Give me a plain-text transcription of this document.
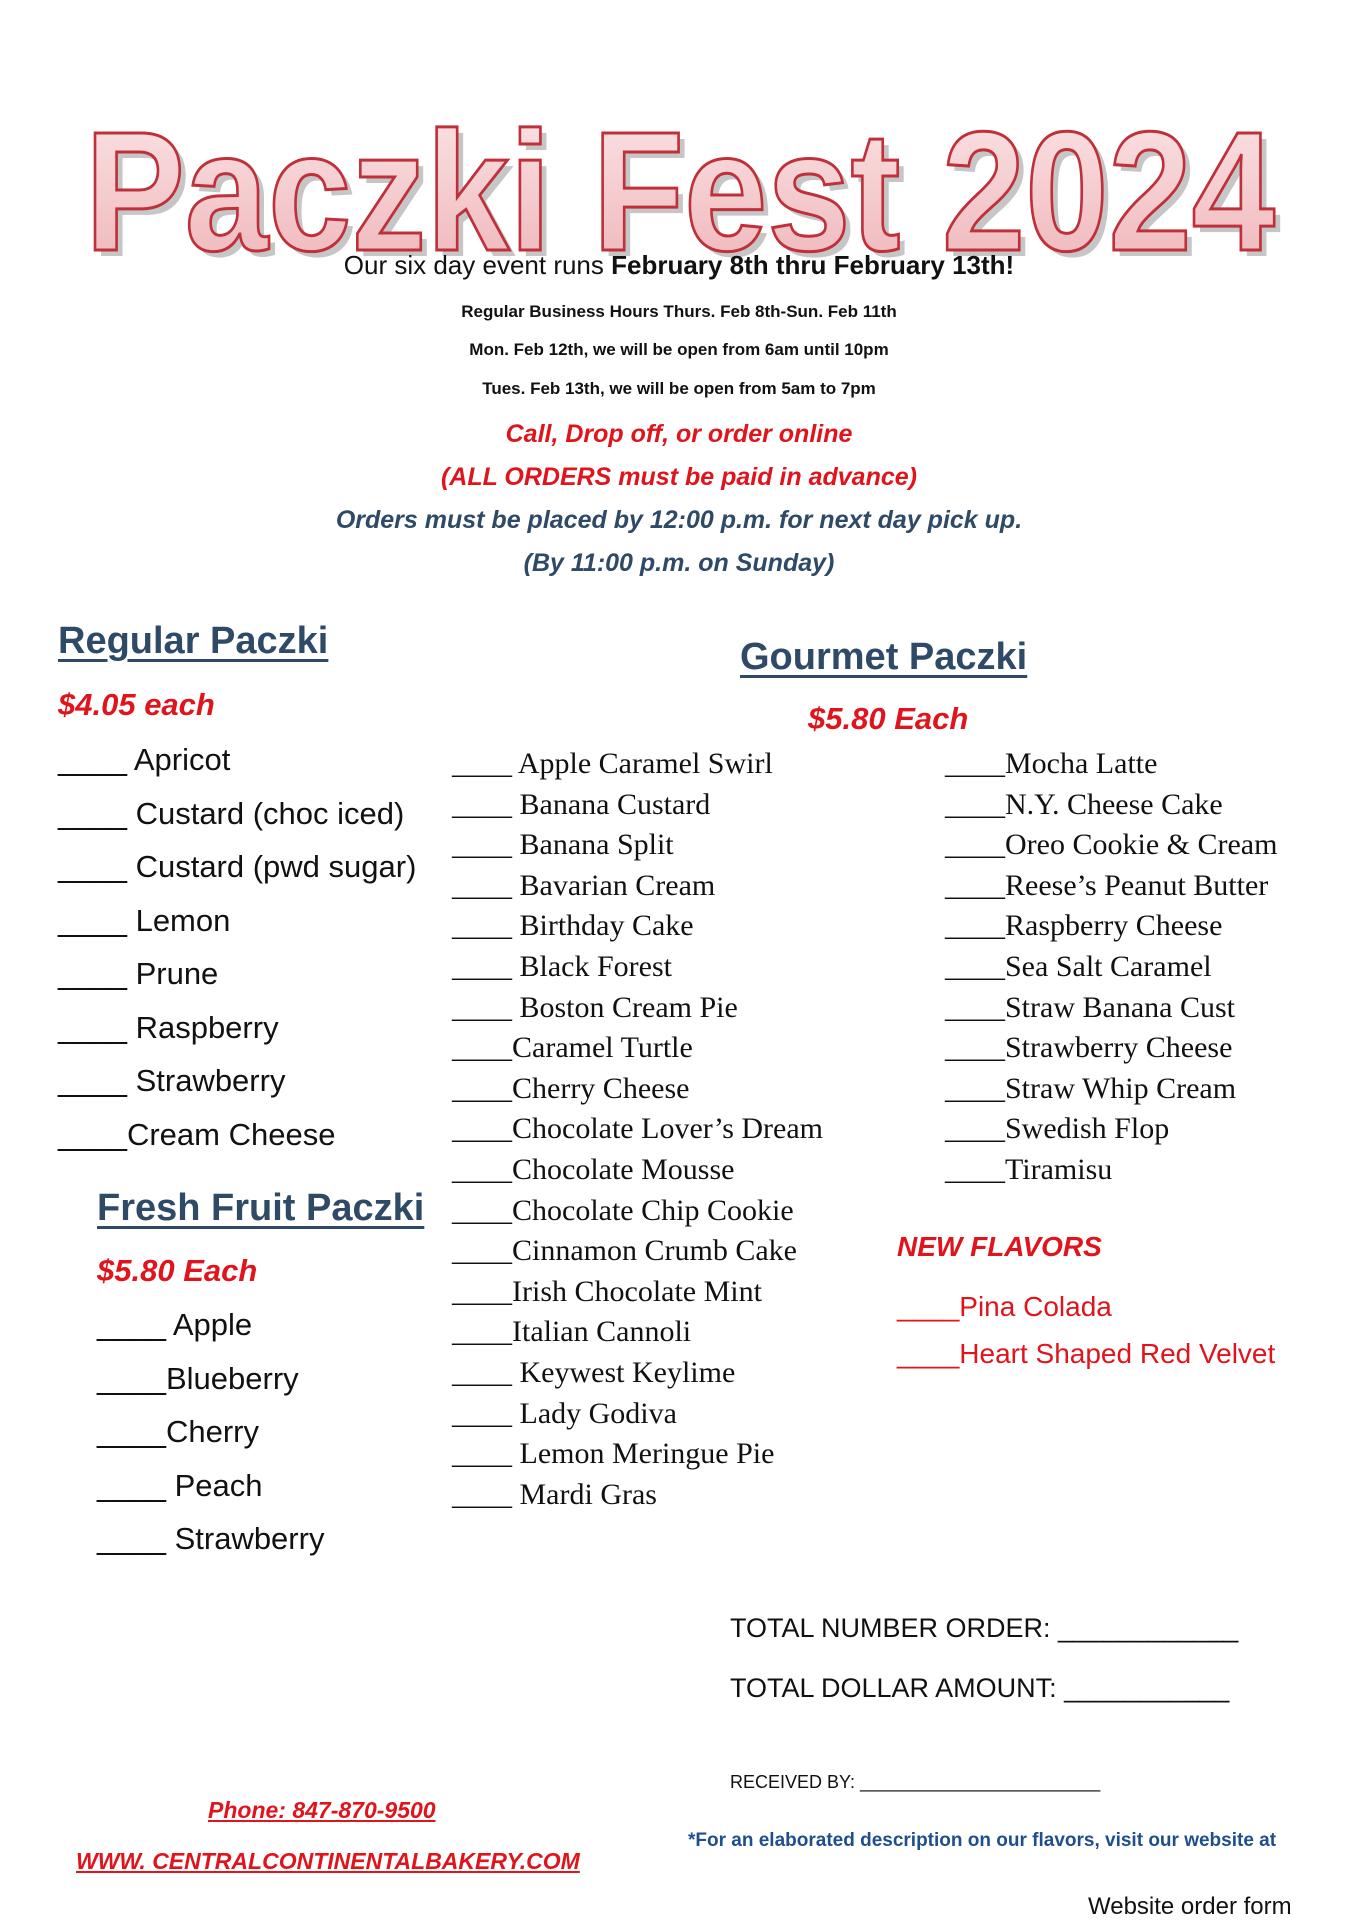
Paczki Fest 2024
Paczki Fest 2024
Our six day event runs February 8th thru February 13th!
Regular Business Hours Thurs. Feb 8th-Sun. Feb 11th
Mon. Feb 12th, we will be open from 6am until 10pm
Tues. Feb 13th, we will be open from 5am to 7pm
Call, Drop off, or order online
(ALL ORDERS must be paid in advance)
Orders must be placed by 12:00 p.m. for next day pick up.
(By 11:00 p.m. on Sunday)
Regular Paczki
$4.05 each
____ Apricot
____ Custard (choc iced)
____ Custard (pwd sugar)
____ Lemon
____ Prune
____ Raspberry
____ Strawberry
____Cream Cheese
Fresh Fruit Paczki
$5.80 Each
____ Apple
____Blueberry
____Cherry
____ Peach
____ Strawberry
Gourmet Paczki
$5.80 Each
____ Apple Caramel Swirl
____ Banana Custard
____ Banana Split
____ Bavarian Cream
____ Birthday Cake
____ Black Forest
____ Boston Cream Pie
____Caramel Turtle
____Cherry Cheese
____Chocolate Lover’s Dream
____Chocolate Mousse
____Chocolate Chip Cookie
____Cinnamon Crumb Cake
____Irish Chocolate Mint
____Italian Cannoli
____ Keywest Keylime
____ Lady Godiva
____ Lemon Meringue Pie
____ Mardi Gras
____Mocha Latte
____N.Y. Cheese Cake
____Oreo Cookie & Cream
____Reese’s Peanut Butter
____Raspberry Cheese
____Sea Salt Caramel
____Straw Banana Cust
____Strawberry Cheese
____Straw Whip Cream
____Swedish Flop
____Tiramisu
NEW FLAVORS
____Pina Colada
____Heart Shaped Red Velvet
TOTAL NUMBER ORDER: ____________
TOTAL DOLLAR AMOUNT: ___________
RECEIVED BY: ________________________
Phone: 847-870-9500
WWW. CENTRALCONTINENTALBAKERY.COM
*For an elaborated description on our flavors, visit our website at
Website order form
